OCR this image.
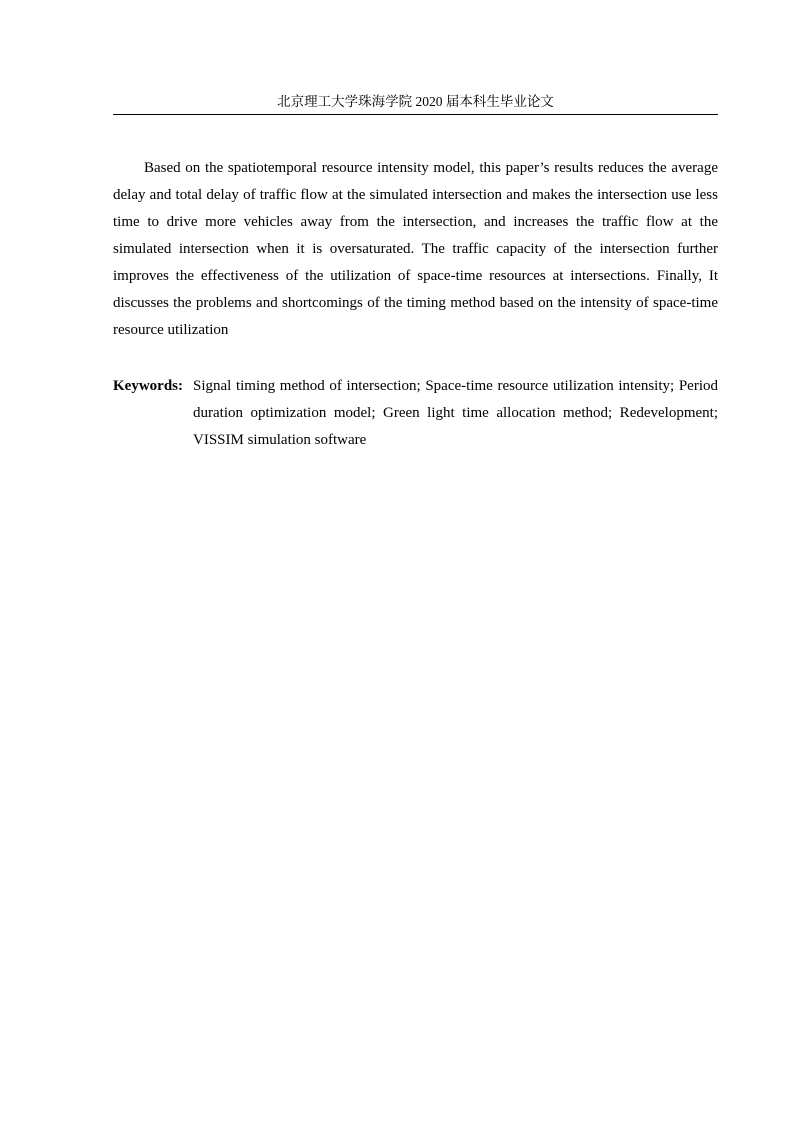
北京理工大学珠海学院 2020 届本科生毕业论文

Based on the spatiotemporal resource intensity model, this paper’s results reduces the average delay and total delay of traffic flow at the simulated intersection and makes the intersection use less time to drive more vehicles away from the intersection, and increases the traffic flow at the simulated intersection when it is oversaturated. The traffic capacity of the intersection further improves the effectiveness of the utilization of space-time resources at intersections. Finally, It discusses the problems and shortcomings of the timing method based on the intensity of space-time resource utilization

Keywords: Signal timing method of intersection; Space-time resource utilization intensity; Period duration optimization model; Green light time allocation method; Redevelopment; VISSIM simulation software
